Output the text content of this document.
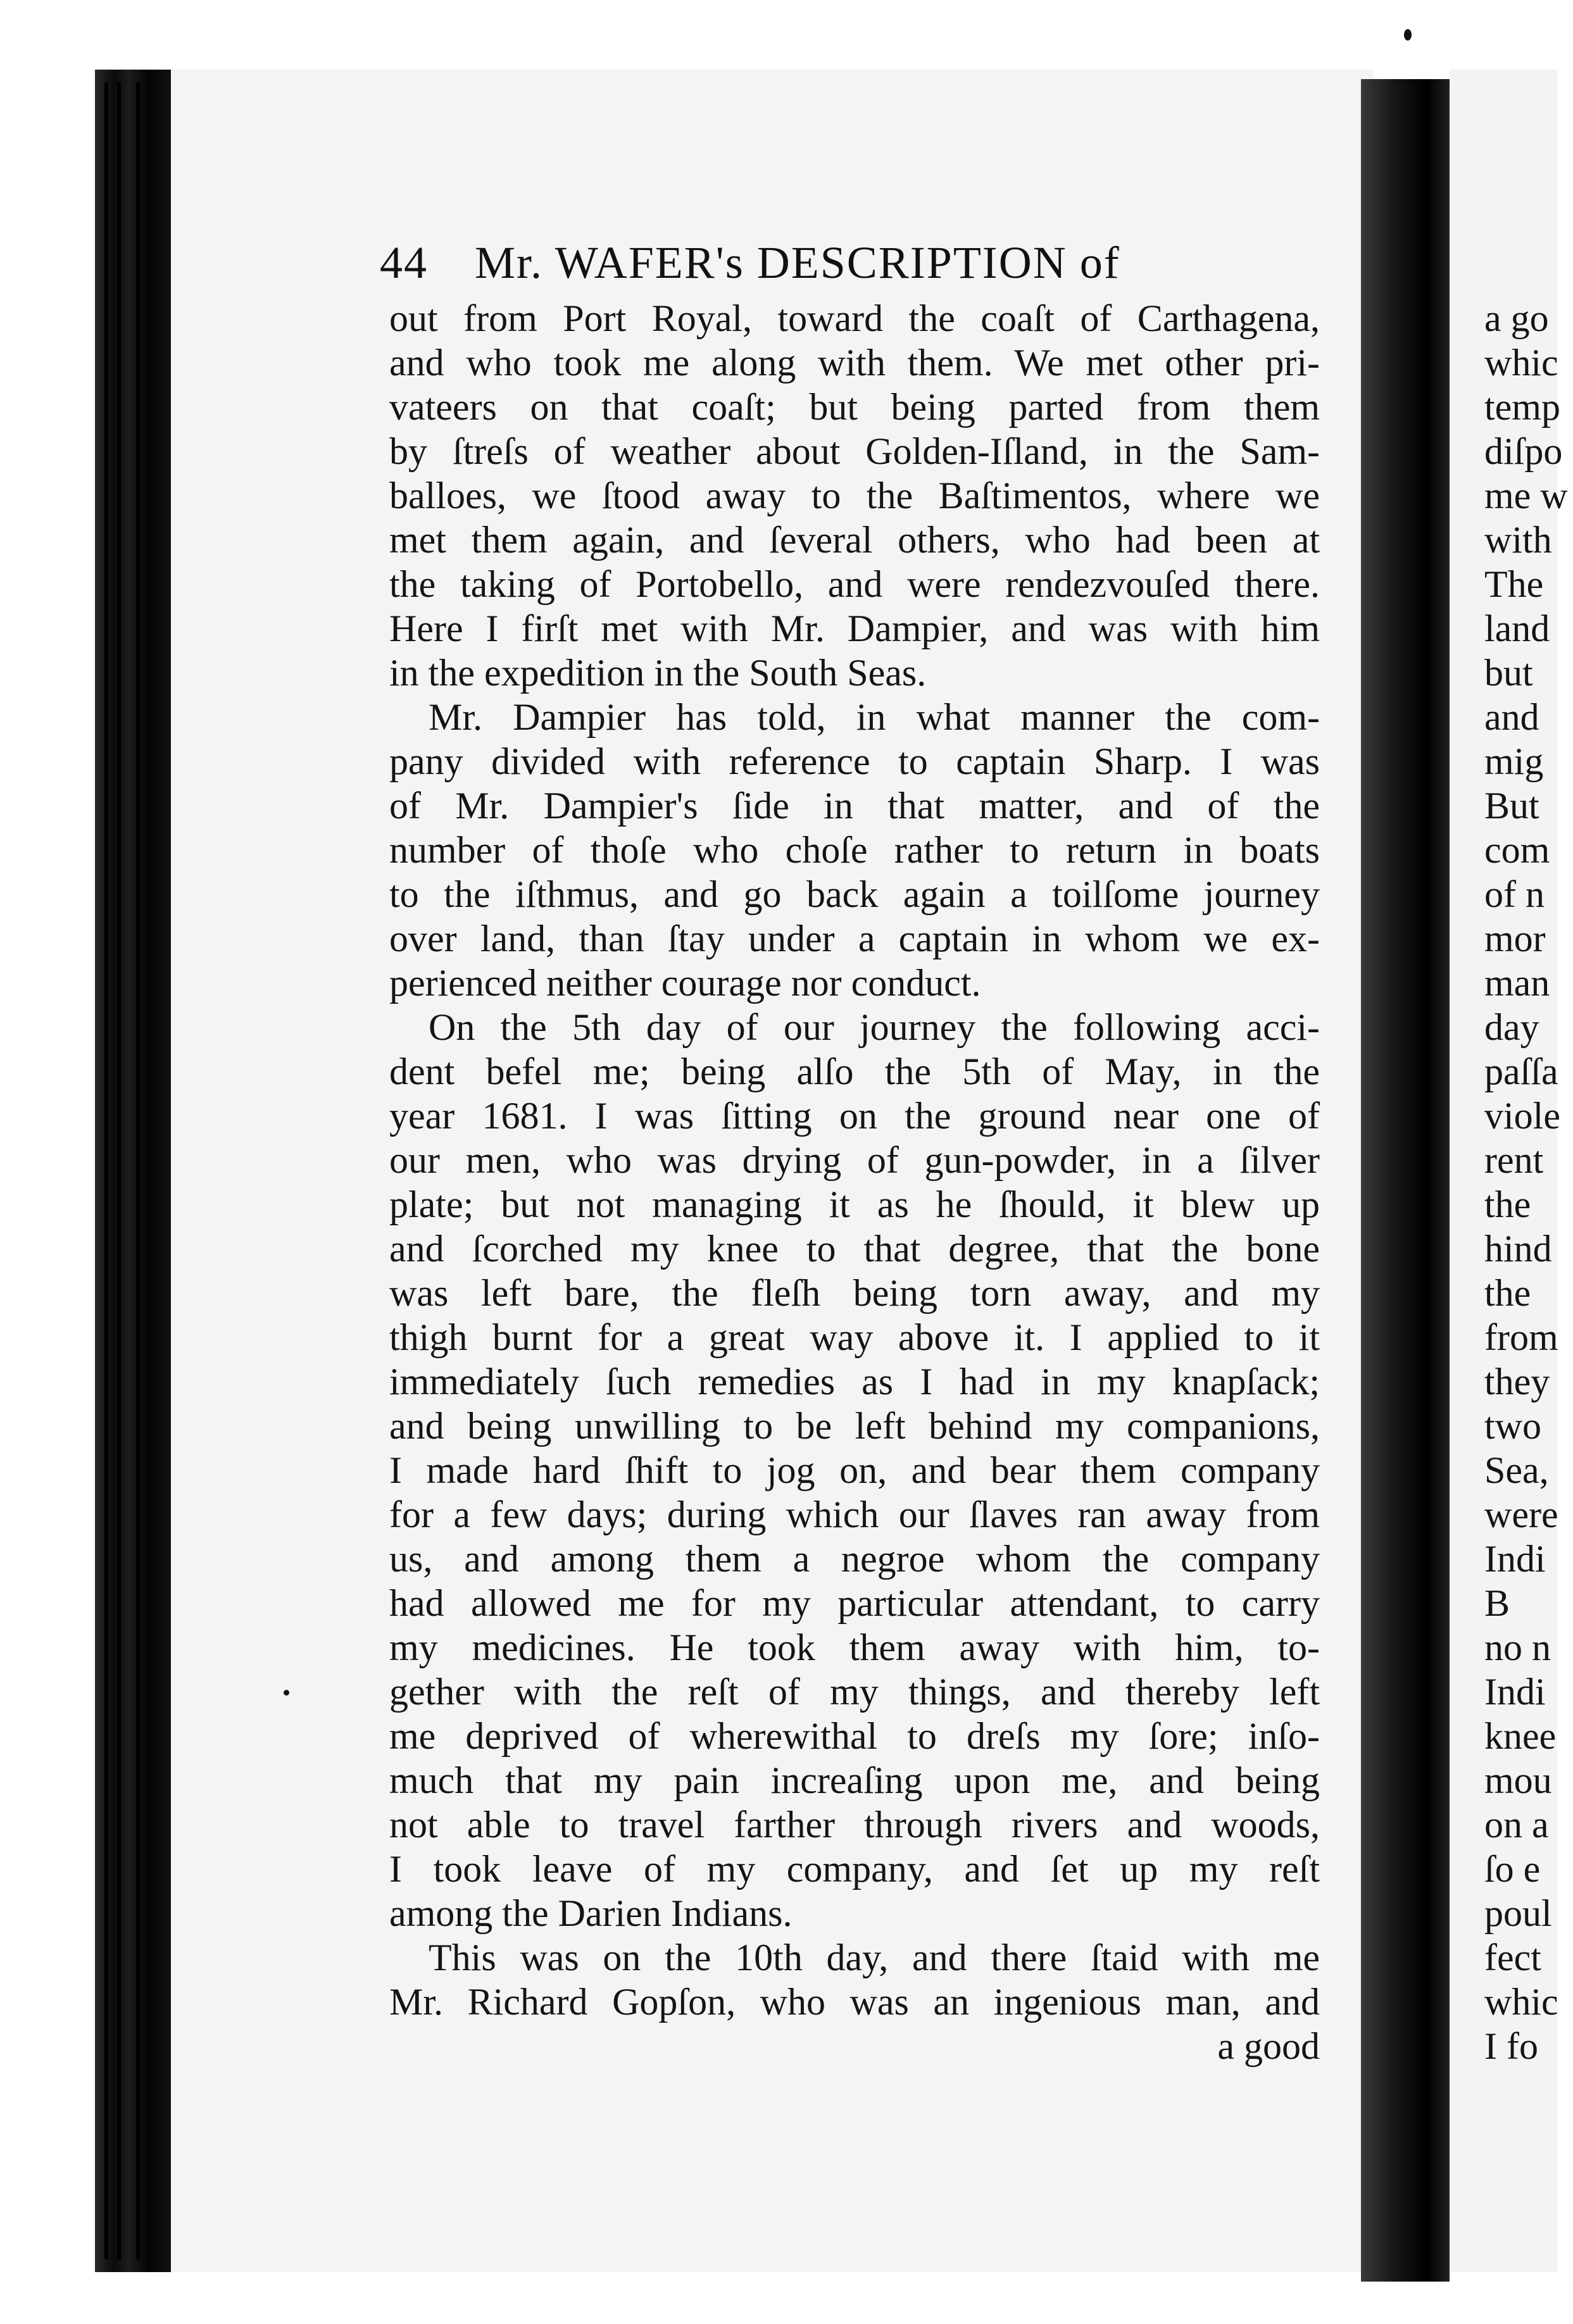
44 Mr. WAFER's DESCRIPTION of
out from Port Royal, toward the coaſt of Carthagena,
and who took me along with them. We met other pri-
vateers on that coaſt; but being parted from them
by ſtreſs of weather about Golden-Iſland, in the Sam-
balloes, we ſtood away to the Baſtimentos, where we
met them again, and ſeveral others, who had been at
the taking of Portobello, and were rendezvouſed there.
Here I firſt met with Mr. Dampier, and was with him
in the expedition in the South Seas.
Mr. Dampier has told, in what manner the com-
pany divided with reference to captain Sharp. I was
of Mr. Dampier's ſide in that matter, and of the
number of thoſe who choſe rather to return in boats
to the iſthmus, and go back again a toilſome journey
over land, than ſtay under a captain in whom we ex-
perienced neither courage nor conduct.
On the 5th day of our journey the following acci-
dent befel me; being alſo the 5th of May, in the
year 1681. I was ſitting on the ground near one of
our men, who was drying of gun-powder, in a ſilver
plate; but not managing it as he ſhould, it blew up
and ſcorched my knee to that degree, that the bone
was left bare, the fleſh being torn away, and my
thigh burnt for a great way above it. I applied to it
immediately ſuch remedies as I had in my knapſack;
and being unwilling to be left behind my companions,
I made hard ſhift to jog on, and bear them company
for a few days; during which our ſlaves ran away from
us, and among them a negroe whom the company
had allowed me for my particular attendant, to carry
my medicines. He took them away with him, to-
gether with the reſt of my things, and thereby left
me deprived of wherewithal to dreſs my ſore; inſo-
much that my pain increaſing upon me, and being
not able to travel farther through rivers and woods,
I took leave of my company, and ſet up my reſt
among the Darien Indians.
This was on the 10th day, and there ſtaid with me
Mr. Richard Gopſon, who was an ingenious man, and
a good
a go
whic
temp
diſpo
me w
with
The
land
but
and
mig
But
com
of n
mor
man
day
paſſa
viole
rent
the
hind
the
from
they
two
Sea,
were
Indi
B
no n
Indi
knee
mou
on a
ſo e
poul
fect
whic
I fo
